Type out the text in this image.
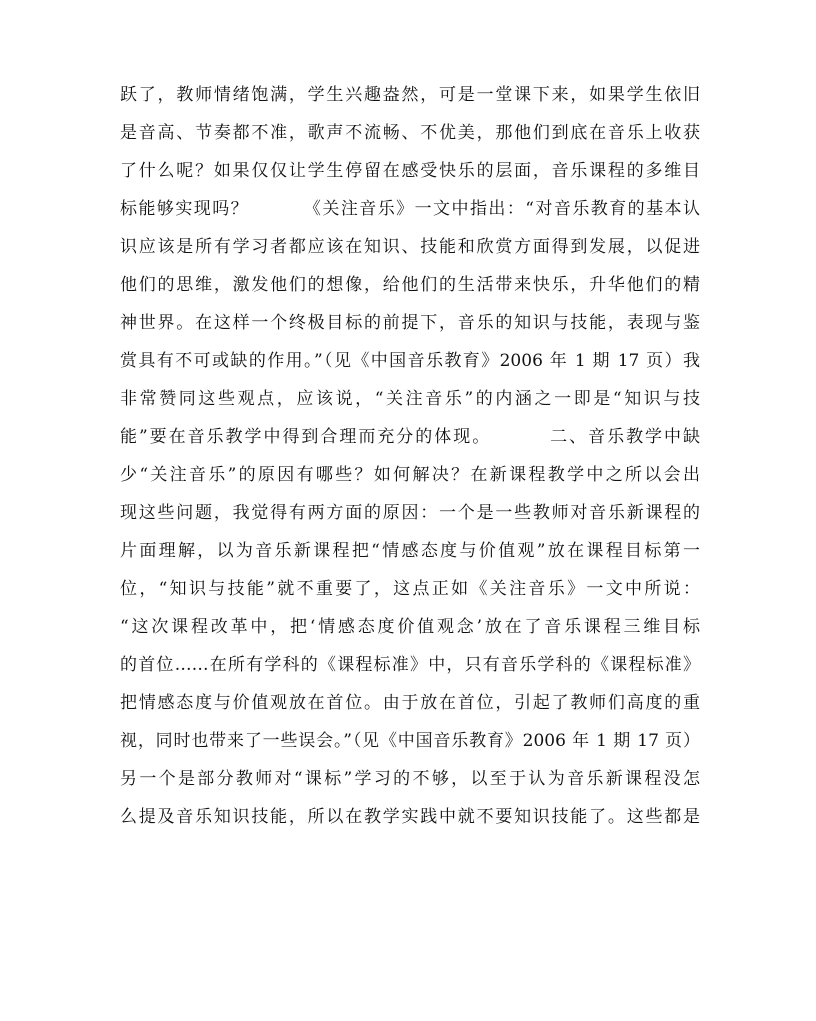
跃了，教师情绪饱满，学生兴趣盎然，可是一堂课下来，如果学生依旧
是音高、节奏都不准，歌声不流畅、不优美，那他们到底在音乐上收获
了什么呢？如果仅仅让学生停留在感受快乐的层面，音乐课程的多维目
标能够实现吗？        《关注音乐》一文中指出：“对音乐教育的基本认
识应该是所有学习者都应该在知识、技能和欣赏方面得到发展，以促进
他们的思维，激发他们的想像，给他们的生活带来快乐，升华他们的精
神世界。在这样一个终极目标的前提下，音乐的知识与技能，表现与鉴
赏具有不可或缺的作用。”（见《中国音乐教育》2006 年 1 期 17 页）我
非常赞同这些观点，应该说，“关注音乐”的内涵之一即是“知识与技
能”要在音乐教学中得到合理而充分的体现。        二、音乐教学中缺
少“关注音乐”的原因有哪些？如何解决？在新课程教学中之所以会出
现这些问题，我觉得有两方面的原因：一个是一些教师对音乐新课程的
片面理解，以为音乐新课程把“情感态度与价值观”放在课程目标第一
位，“知识与技能”就不重要了，这点正如《关注音乐》一文中所说：
“这次课程改革中，把‘情感态度价值观念’放在了音乐课程三维目标
的首位……在所有学科的《课程标准》中，只有音乐学科的《课程标准》
把情感态度与价值观放在首位。由于放在首位，引起了教师们高度的重
视，同时也带来了一些误会。”（见《中国音乐教育》2006 年 1 期 17 页）
另一个是部分教师对“课标”学习的不够，以至于认为音乐新课程没怎
么提及音乐知识技能，所以在教学实践中就不要知识技能了。这些都是
